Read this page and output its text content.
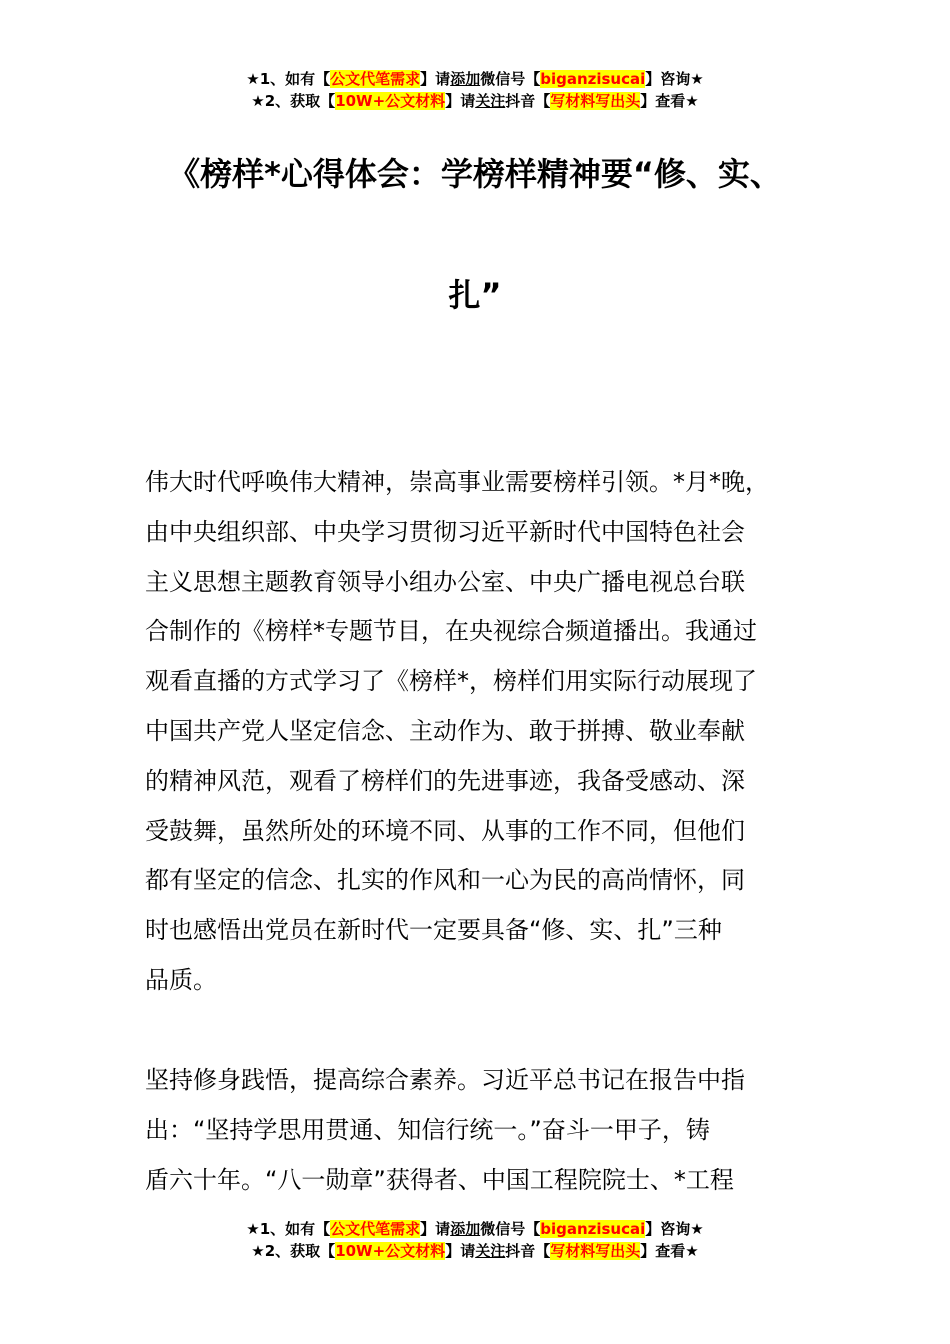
★1、如有【公文代笔需求】请添加微信号【biganzisucai】咨询★
★2、获取【10W+公文材料】请关注抖音【写材料写出头】查看★
《榜样*心得体会：学榜样精神要“修、实、
扎”
伟大时代呼唤伟大精神，崇高事业需要榜样引领。*月*晚，
由中央组织部、中央学习贯彻习近平新时代中国特色社会
主义思想主题教育领导小组办公室、中央广播电视总台联
合制作的《榜样*专题节目，在央视综合频道播出。我通过
观看直播的方式学习了《榜样*，榜样们用实际行动展现了
中国共产党人坚定信念、主动作为、敢于拼搏、敬业奉献
的精神风范，观看了榜样们的先进事迹，我备受感动、深
受鼓舞，虽然所处的环境不同、从事的工作不同，但他们
都有坚定的信念、扎实的作风和一心为民的高尚情怀，同
时也感悟出党员在新时代一定要具备“修、实、扎”三种
品质。
坚持修身践悟，提高综合素养。习近平总书记在报告中指
出：“坚持学思用贯通、知信行统一。”奋斗一甲子，铸
盾六十年。“八一勋章”获得者、中国工程院院士、*工程
★1、如有【公文代笔需求】请添加微信号【biganzisucai】咨询★
★2、获取【10W+公文材料】请关注抖音【写材料写出头】查看★
